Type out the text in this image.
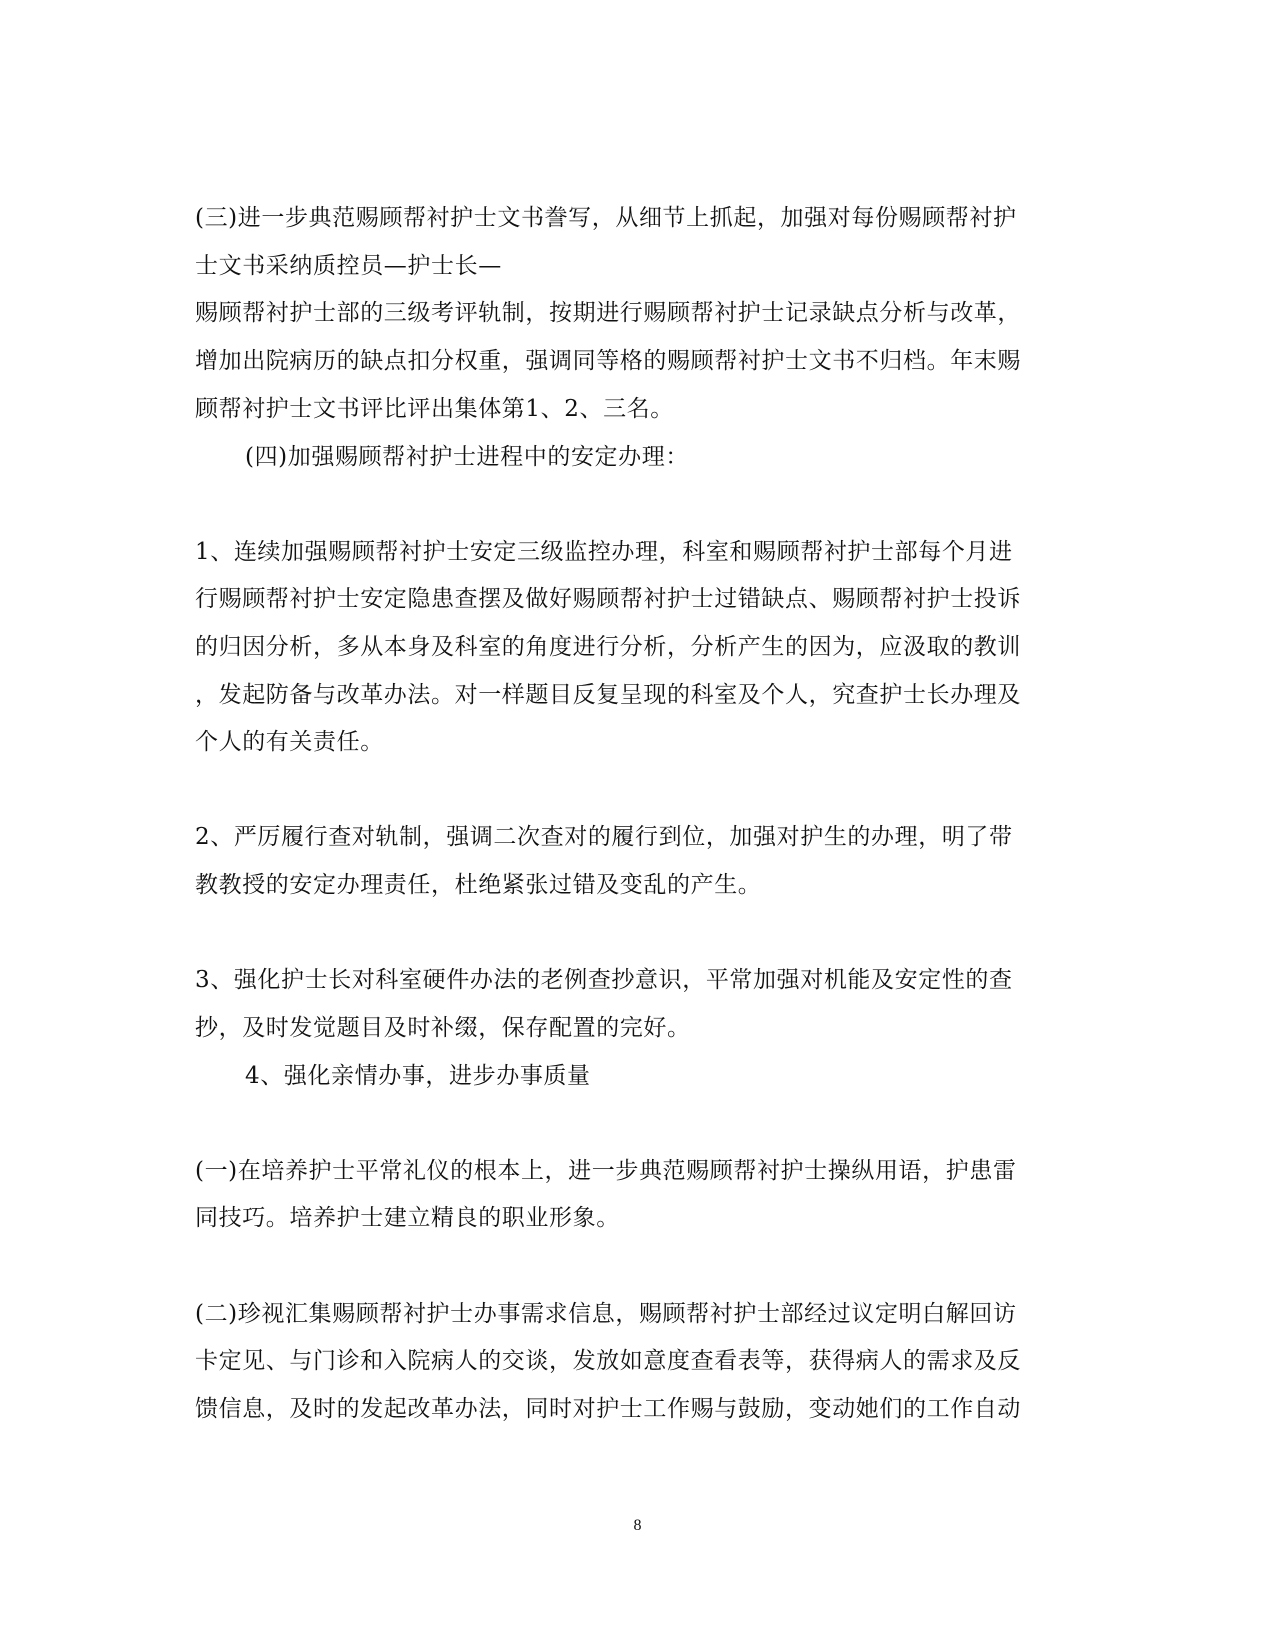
(三)进一步典范赐顾帮衬护士文书誊写，从细节上抓起，加强对每份赐顾帮衬护
士文书采纳质控员—护士长—
赐顾帮衬护士部的三级考评轨制，按期进行赐顾帮衬护士记录缺点分析与改革，
增加出院病历的缺点扣分权重，强调同等格的赐顾帮衬护士文书不归档。年末赐
顾帮衬护士文书评比评出集体第1、2、三名。
(四)加强赐顾帮衬护士进程中的安定办理：
1、连续加强赐顾帮衬护士安定三级监控办理，科室和赐顾帮衬护士部每个月进
行赐顾帮衬护士安定隐患查摆及做好赐顾帮衬护士过错缺点、赐顾帮衬护士投诉
的归因分析，多从本身及科室的角度进行分析，分析产生的因为，应汲取的教训
，发起防备与改革办法。对一样题目反复呈现的科室及个人，究查护士长办理及
个人的有关责任。
2、严厉履行查对轨制，强调二次查对的履行到位，加强对护生的办理，明了带
教教授的安定办理责任，杜绝紧张过错及变乱的产生。
3、强化护士长对科室硬件办法的老例查抄意识，平常加强对机能及安定性的查
抄，及时发觉题目及时补缀，保存配置的完好。
4、强化亲情办事，进步办事质量
(一)在培养护士平常礼仪的根本上，进一步典范赐顾帮衬护士操纵用语，护患雷
同技巧。培养护士建立精良的职业形象。
(二)珍视汇集赐顾帮衬护士办事需求信息，赐顾帮衬护士部经过议定明白解回访
卡定见、与门诊和入院病人的交谈，发放如意度查看表等，获得病人的需求及反
馈信息，及时的发起改革办法，同时对护士工作赐与鼓励，变动她们的工作自动
8
